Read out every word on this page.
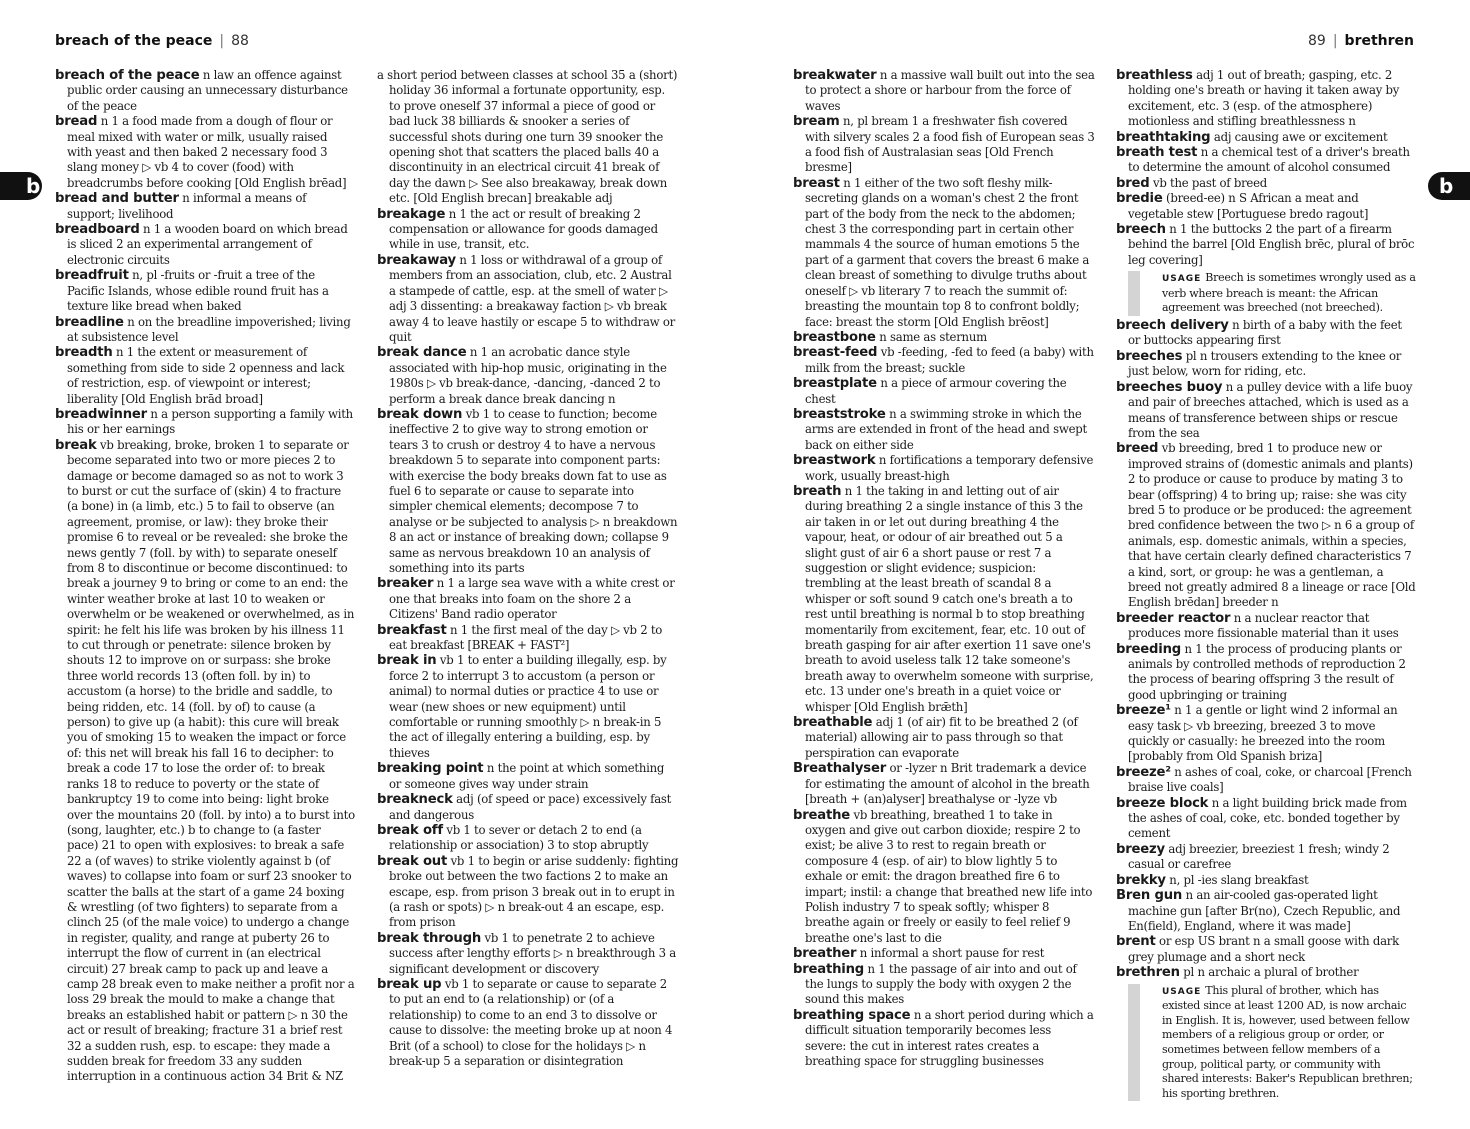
breach of the peace | 88	89 | brethren
b	b
breach of the peace n law an offence against public order causing an unnecessary disturbance of the peace
bread n 1 a food made from a dough of flour or meal mixed with water or milk, usually raised with yeast and then baked 2 necessary food 3 slang money ▷ vb 4 to cover (food) with breadcrumbs before cooking [Old English brēad]
bread and butter n informal a means of support; livelihood
breadboard n 1 a wooden board on which bread is sliced 2 an experimental arrangement of electronic circuits
breadfruit n, pl -fruits or -fruit a tree of the Pacific Islands, whose edible round fruit has a texture like bread when baked
breadline n on the breadline impoverished; living at subsistence level
breadth n 1 the extent or measurement of something from side to side 2 openness and lack of restriction, esp. of viewpoint or interest; liberality [Old English brād broad]
breadwinner n a person supporting a family with his or her earnings
break vb breaking, broke, broken 1 to separate or become separated into two or more pieces 2 to damage or become damaged so as not to work 3 to burst or cut the surface of (skin) 4 to fracture (a bone) in (a limb, etc.) 5 to fail to observe (an agreement, promise, or law): they broke their promise 6 to reveal or be revealed: she broke the news gently 7 (foll. by with) to separate oneself from 8 to discontinue or become discontinued: to break a journey 9 to bring or come to an end: the winter weather broke at last 10 to weaken or overwhelm or be weakened or overwhelmed, as in spirit: he felt his life was broken by his illness 11 to cut through or penetrate: silence broken by shouts 12 to improve on or surpass: she broke three world records 13 (often foll. by in) to accustom (a horse) to the bridle and saddle, to being ridden, etc. 14 (foll. by of) to cause (a person) to give up (a habit): this cure will break you of smoking 15 to weaken the impact or force of: this net will break his fall 16 to decipher: to break a code 17 to lose the order of: to break ranks 18 to reduce to poverty or the state of bankruptcy 19 to come into being: light broke over the mountains 20 (foll. by into) a to burst into (song, laughter, etc.) b to change to (a faster pace) 21 to open with explosives: to break a safe 22 a (of waves) to strike violently against b (of waves) to collapse into foam or surf 23 snooker to scatter the balls at the start of a game 24 boxing & wrestling (of two fighters) to separate from a clinch 25 (of the male voice) to undergo a change in register, quality, and range at puberty 26 to interrupt the flow of current in (an electrical circuit) 27 break camp to pack up and leave a camp 28 break even to make neither a profit nor a loss 29 break the mould to make a change that breaks an established habit or pattern ▷ n 30 the act or result of breaking; fracture 31 a brief rest 32 a sudden rush, esp. to escape: they made a sudden break for freedom 33 any sudden interruption in a continuous action 34 Brit & NZ
a short period between classes at school 35 a (short) holiday 36 informal a fortunate opportunity, esp. to prove oneself 37 informal a piece of good or bad luck 38 billiards & snooker a series of successful shots during one turn 39 snooker the opening shot that scatters the placed balls 40 a discontinuity in an electrical circuit 41 break of day the dawn ▷ See also breakaway, break down etc. [Old English brecan] breakable adj
breakage n 1 the act or result of breaking 2 compensation or allowance for goods damaged while in use, transit, etc.
breakaway n 1 loss or withdrawal of a group of members from an association, club, etc. 2 Austral a stampede of cattle, esp. at the smell of water ▷ adj 3 dissenting: a breakaway faction ▷ vb break away 4 to leave hastily or escape 5 to withdraw or quit
break dance n 1 an acrobatic dance style associated with hip-hop music, originating in the 1980s ▷ vb break-dance, -dancing, -danced 2 to perform a break dance break dancing n
break down vb 1 to cease to function; become ineffective 2 to give way to strong emotion or tears 3 to crush or destroy 4 to have a nervous breakdown 5 to separate into component parts: with exercise the body breaks down fat to use as fuel 6 to separate or cause to separate into simpler chemical elements; decompose 7 to analyse or be subjected to analysis ▷ n breakdown 8 an act or instance of breaking down; collapse 9 same as nervous breakdown 10 an analysis of something into its parts
breaker n 1 a large sea wave with a white crest or one that breaks into foam on the shore 2 a Citizens' Band radio operator
breakfast n 1 the first meal of the day ▷ vb 2 to eat breakfast [BREAK + FAST²]
break in vb 1 to enter a building illegally, esp. by force 2 to interrupt 3 to accustom (a person or animal) to normal duties or practice 4 to use or wear (new shoes or new equipment) until comfortable or running smoothly ▷ n break-in 5 the act of illegally entering a building, esp. by thieves
breaking point n the point at which something or someone gives way under strain
breakneck adj (of speed or pace) excessively fast and dangerous
break off vb 1 to sever or detach 2 to end (a relationship or association) 3 to stop abruptly
break out vb 1 to begin or arise suddenly: fighting broke out between the two factions 2 to make an escape, esp. from prison 3 break out in to erupt in (a rash or spots) ▷ n break-out 4 an escape, esp. from prison
break through vb 1 to penetrate 2 to achieve success after lengthy efforts ▷ n breakthrough 3 a significant development or discovery
break up vb 1 to separate or cause to separate 2 to put an end to (a relationship) or (of a relationship) to come to an end 3 to dissolve or cause to dissolve: the meeting broke up at noon 4 Brit (of a school) to close for the holidays ▷ n break-up 5 a separation or disintegration
breakwater n a massive wall built out into the sea to protect a shore or harbour from the force of waves
bream n, pl bream 1 a freshwater fish covered with silvery scales 2 a food fish of European seas 3 a food fish of Australasian seas [Old French bresme]
breast n 1 either of the two soft fleshy milk-secreting glands on a woman's chest 2 the front part of the body from the neck to the abdomen; chest 3 the corresponding part in certain other mammals 4 the source of human emotions 5 the part of a garment that covers the breast 6 make a clean breast of something to divulge truths about oneself ▷ vb literary 7 to reach the summit of: breasting the mountain top 8 to confront boldly; face: breast the storm [Old English brēost]
breastbone n same as sternum
breast-feed vb -feeding, -fed to feed (a baby) with milk from the breast; suckle
breastplate n a piece of armour covering the chest
breaststroke n a swimming stroke in which the arms are extended in front of the head and swept back on either side
breastwork n fortifications a temporary defensive work, usually breast-high
breath n 1 the taking in and letting out of air during breathing 2 a single instance of this 3 the air taken in or let out during breathing 4 the vapour, heat, or odour of air breathed out 5 a slight gust of air 6 a short pause or rest 7 a suggestion or slight evidence; suspicion: trembling at the least breath of scandal 8 a whisper or soft sound 9 catch one's breath a to rest until breathing is normal b to stop breathing momentarily from excitement, fear, etc. 10 out of breath gasping for air after exertion 11 save one's breath to avoid useless talk 12 take someone's breath away to overwhelm someone with surprise, etc. 13 under one's breath in a quiet voice or whisper [Old English brǣth]
breathable adj 1 (of air) fit to be breathed 2 (of material) allowing air to pass through so that perspiration can evaporate
Breathalyser or -lyzer n Brit trademark a device for estimating the amount of alcohol in the breath [breath + (an)alyser] breathalyse or -lyze vb
breathe vb breathing, breathed 1 to take in oxygen and give out carbon dioxide; respire 2 to exist; be alive 3 to rest to regain breath or composure 4 (esp. of air) to blow lightly 5 to exhale or emit: the dragon breathed fire 6 to impart; instil: a change that breathed new life into Polish industry 7 to speak softly; whisper 8 breathe again or freely or easily to feel relief 9 breathe one's last to die
breather n informal a short pause for rest
breathing n 1 the passage of air into and out of the lungs to supply the body with oxygen 2 the sound this makes
breathing space n a short period during which a difficult situation temporarily becomes less severe: the cut in interest rates creates a breathing space for struggling businesses
breathless adj 1 out of breath; gasping, etc. 2 holding one's breath or having it taken away by excitement, etc. 3 (esp. of the atmosphere) motionless and stifling breathlessness n
breathtaking adj causing awe or excitement
breath test n a chemical test of a driver's breath to determine the amount of alcohol consumed
bred vb the past of breed
bredie (breed-ee) n S African a meat and vegetable stew [Portuguese bredo ragout]
breech n 1 the buttocks 2 the part of a firearm behind the barrel [Old English brēc, plural of brōc leg covering]
USAGE Breech is sometimes wrongly used as a verb where breach is meant: the African agreement was breeched (not breeched).
breech delivery n birth of a baby with the feet or buttocks appearing first
breeches pl n trousers extending to the knee or just below, worn for riding, etc.
breeches buoy n a pulley device with a life buoy and pair of breeches attached, which is used as a means of transference between ships or rescue from the sea
breed vb breeding, bred 1 to produce new or improved strains of (domestic animals and plants) 2 to produce or cause to produce by mating 3 to bear (offspring) 4 to bring up; raise: she was city bred 5 to produce or be produced: the agreement bred confidence between the two ▷ n 6 a group of animals, esp. domestic animals, within a species, that have certain clearly defined characteristics 7 a kind, sort, or group: he was a gentleman, a breed not greatly admired 8 a lineage or race [Old English brēdan] breeder n
breeder reactor n a nuclear reactor that produces more fissionable material than it uses
breeding n 1 the process of producing plants or animals by controlled methods of reproduction 2 the process of bearing offspring 3 the result of good upbringing or training
breeze¹ n 1 a gentle or light wind 2 informal an easy task ▷ vb breezing, breezed 3 to move quickly or casually: he breezed into the room [probably from Old Spanish briza]
breeze² n ashes of coal, coke, or charcoal [French braise live coals]
breeze block n a light building brick made from the ashes of coal, coke, etc. bonded together by cement
breezy adj breezier, breeziest 1 fresh; windy 2 casual or carefree
brekky n, pl -ies slang breakfast
Bren gun n an air-cooled gas-operated light machine gun [after Br(no), Czech Republic, and En(field), England, where it was made]
brent or esp US brant n a small goose with dark grey plumage and a short neck
brethren pl n archaic a plural of brother
USAGE This plural of brother, which has existed since at least 1200 AD, is now archaic in English. It is, however, used between fellow members of a religious group or order, or sometimes between fellow members of a group, political party, or community with shared interests: Baker's Republican brethren; his sporting brethren.
